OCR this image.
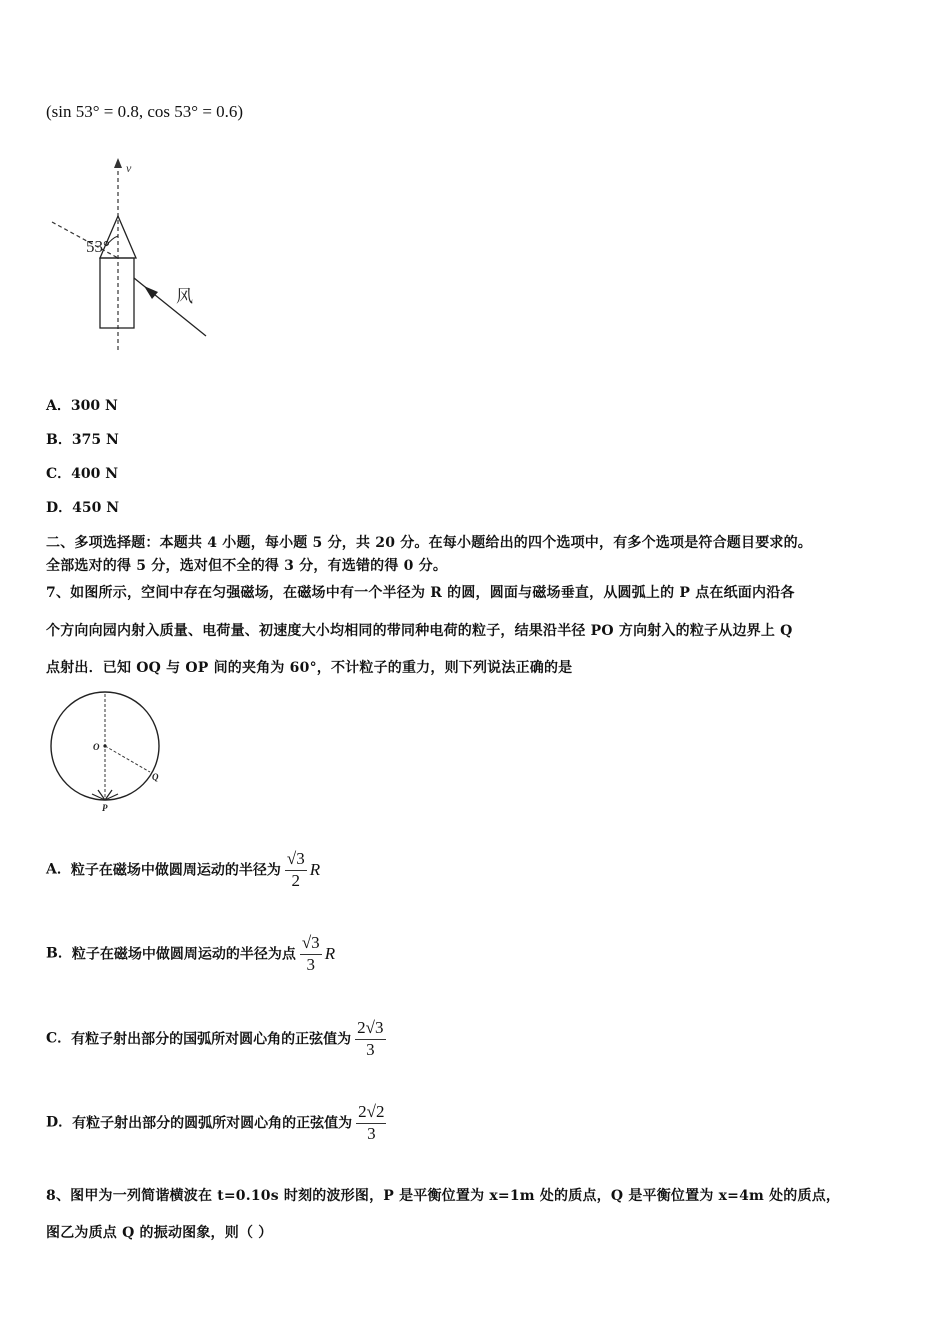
(sin 53° = 0.8, cos 53° = 0.6)
v
53°
风
A．300 N
B．375 N
C．400 N
D．450 N
二、多项选择题：本题共 4 小题，每小题 5 分，共 20 分。在每小题给出的四个选项中，有多个选项是符合题目要求的。
全部选对的得 5 分，选对但不全的得 3 分，有选错的得 0 分。
7、如图所示，空间中存在匀强磁场，在磁场中有一个半径为 R 的圆，圆面与磁场垂直，从圆弧上的 P 点在纸面内沿各
个方向向园内射入质量、电荷量、初速度大小均相同的带同种电荷的粒子，结果沿半径 PO 方向射入的粒子从边界上 Q
点射出．已知 OQ 与 OP 间的夹角为 60°，不计粒子的重力，则下列说法正确的是
O
Q
P
A．粒子在磁场中做圆周运动的半径为 $\frac{√3}{2}$ R
B．粒子在磁场中做圆周运动的半径为点 $\frac{√3}{3}$ R
C．有粒子射出部分的国弧所对圆心角的正弦值为 $\frac{2√3}{3}$
D．有粒子射出部分的圆弧所对圆心角的正弦值为 $\frac{2√2}{3}$
8、图甲为一列简谐横波在 t=0.10s 时刻的波形图，P 是平衡位置为 x=1m 处的质点，Q 是平衡位置为 x=4m 处的质点，
图乙为质点 Q 的振动图象，则（ ）
